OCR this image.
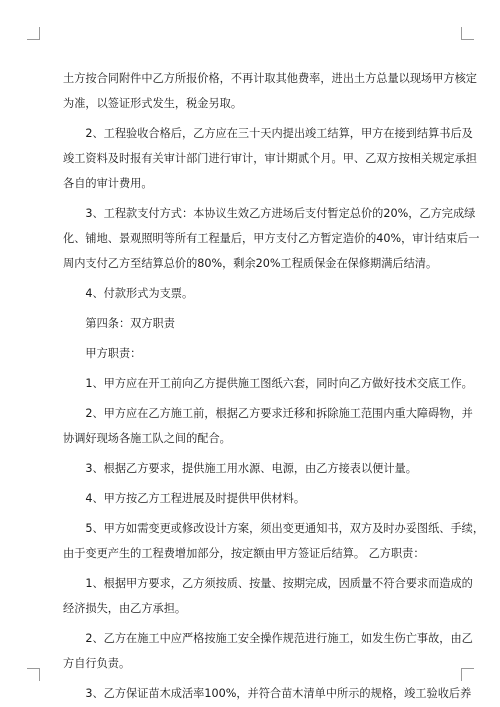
土方按合同附件中乙方所报价格，不再计取其他费率，进出土方总量以现场甲方核定
为准，以签证形式发生，税金另取。

　　2、工程验收合格后，乙方应在三十天内提出竣工结算，甲方在接到结算书后及
竣工资料及时报有关审计部门进行审计，审计期贰个月。甲、乙双方按相关规定承担
各自的审计费用。

　　3、工程款支付方式：本协议生效乙方进场后支付暂定总价的20%，乙方完成绿
化、铺地、景观照明等所有工程量后，甲方支付乙方暂定造价的40%，审计结束后一
周内支付乙方至结算总价的80%，剩余20%工程质保金在保修期满后结清。

　　4、付款形式为支票。

　　第四条：双方职责

　　甲方职责：

　　1、甲方应在开工前向乙方提供施工图纸六套，同时向乙方做好技术交底工作。

　　2、甲方应在乙方施工前，根据乙方要求迁移和拆除施工范围内重大障碍物，并
协调好现场各施工队之间的配合。

　　3、根据乙方要求，提供施工用水源、电源，由乙方接表以便计量。

　　4、甲方按乙方工程进展及时提供甲供材料。

　　5、甲方如需变更或修改设计方案，须出变更通知书，双方及时办妥图纸、手续，
由于变更产生的工程费增加部分，按定额由甲方签证后结算。 乙方职责：

　　1、根据甲方要求，乙方须按质、按量、按期完成，因质量不符合要求而造成的
经济损失，由乙方承担。

　　2、乙方在施工中应严格按施工安全操作规范进行施工，如发生伤亡事故，由乙
方自行负责。

　　3、乙方保证苗木成活率100%，并符合苗木清单中所示的规格，竣工验收后养
